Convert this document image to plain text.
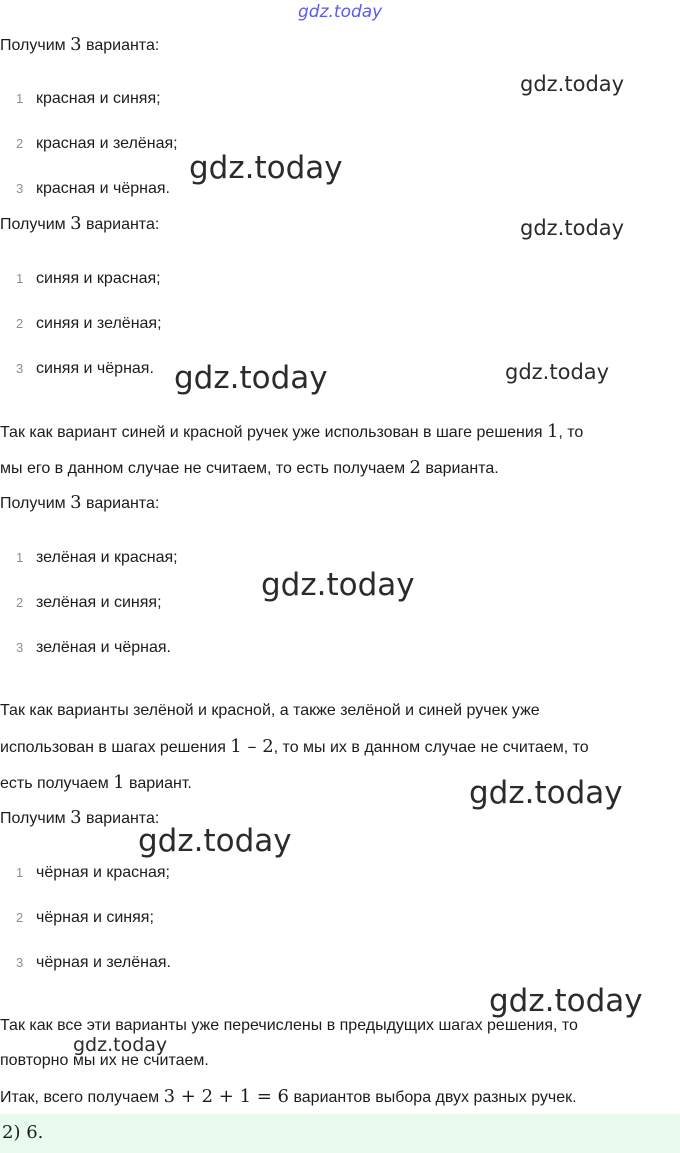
gdz.today
gdz.today
gdz.today
gdz.today
gdz.today	gdz.today
gdz.today
gdz.today
gdz.today
gdz.today
gdz.today
Получим 3 варианта:
1 красная и синяя;
2 красная и зелёная;
3 красная и чёрная.
Получим 3 варианта:
1 синяя и красная;
2 синяя и зелёная;
3 синяя и чёрная.
Так как вариант синей и красной ручек уже использован в шаге решения 1, то
мы его в данном случае не считаем, то есть получаем 2 варианта.
Получим 3 варианта:
1 зелёная и красная;
2 зелёная и синяя;
3 зелёная и чёрная.
Так как варианты зелёной и красной, а также зелёной и синей ручек уже
использован в шагах решения 1 – 2, то мы их в данном случае не считаем, то
есть получаем 1 вариант.
Получим 3 варианта:
1 чёрная и красная;
2 чёрная и синяя;
3 чёрная и зелёная.
Так как все эти варианты уже перечислены в предыдущих шагах решения, то
повторно мы их не считаем.
Итак, всего получаем 3 + 2 + 1 = 6 вариантов выбора двух разных ручек.
2) 6.
